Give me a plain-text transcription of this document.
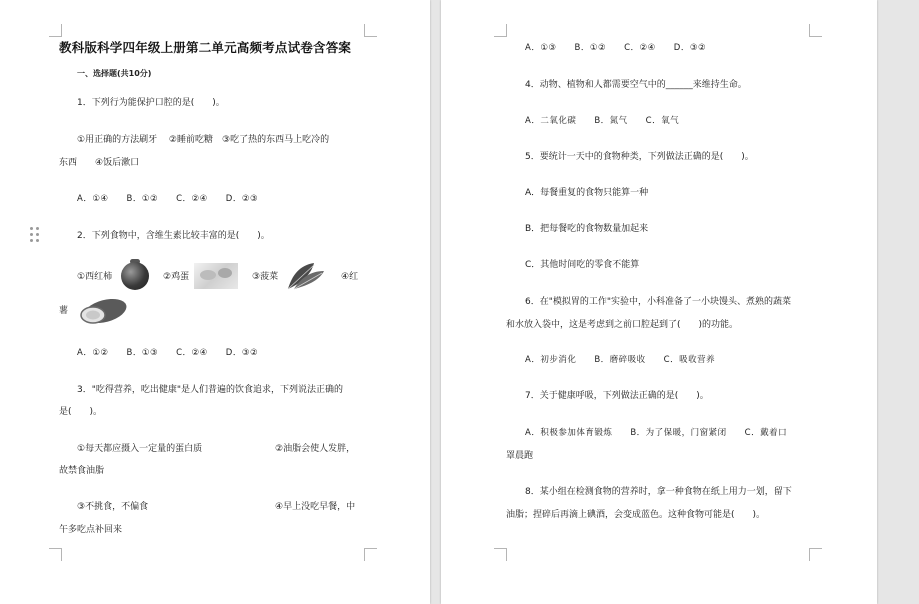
教科版科学四年级上册第二单元高频考点试卷含答案
一、选择题(共10分)
1．下列行为能保护口腔的是(　　)。
①用正确的方法刷牙　 ②睡前吃糖　③吃了热的东西马上吃冷的
东西　　④饭后漱口
A．①④　　B．①②　　C．②④　　D．②③
2．下列食物中，含维生素比较丰富的是(　　)。
①西红柿	②鸡蛋	③菠菜	④红
薯
A．①②　　B．①③　　C．②④　　D．③②
3．"吃得营养，吃出健康"是人们普遍的饮食追求，下列说法正确的
是(　　)。
①每天都应摄入一定量的蛋白质	②油脂会使人发胖，
故禁食油脂
③不挑食，不偏食	④早上没吃早餐，中
午多吃点补回来
A．①③　　B．①②　　C．②④　　D．③②
4．动物、植物和人都需要空气中的______来维持生命。
A．二氧化碳　　B．氮气　　C．氧气
5．要统计一天中的食物种类，下列做法正确的是(　　)。
A．每餐重复的食物只能算一种
B．把每餐吃的食物数量加起来
C．其他时间吃的零食不能算
6．在"模拟胃的工作"实验中，小科准备了一小块馒头、煮熟的蔬菜
和水放入袋中，这是考虑到之前口腔起到了(　　)的功能。
A．初步消化　　B．磨碎吸收　　C．吸收营养
7．关于健康呼吸，下列做法正确的是(　　)。
A．积极参加体育锻炼　　B．为了保暖，门窗紧闭　　C．戴着口
罩晨跑
8．某小组在检测食物的营养时，拿一种食物在纸上用力一划，留下
油脂；捏碎后再滴上碘酒，会变成蓝色。这种食物可能是(　　)。
